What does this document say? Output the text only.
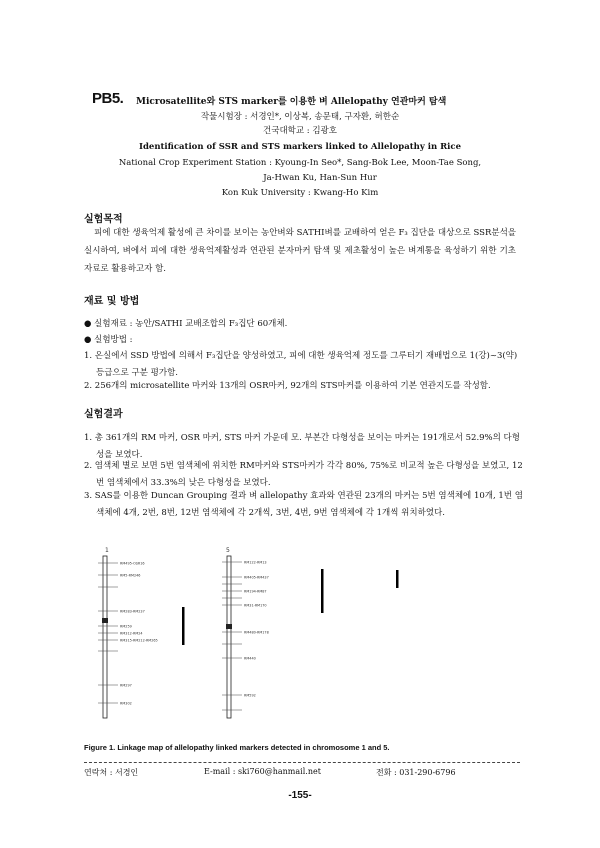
PB5. Microsatellite와 STS marker를 이용한 벼 Allelopathy 연관마커 탐색
작물시험장 : 서경인*, 이상복, 송문태, 구자환, 허한순
건국대학교 : 김광호
Identification of SSR and STS markers linked to Allelopathy in Rice
National Crop Experiment Station : Kyoung-In Seo*, Sang-Bok Lee, Moon-Tae Song,
Ja-Hwan Ku, Han-Sun Hur
Kon Kuk University : Kwang-Ho Kim
실험목적
피에 대한 생육억제 활성에 큰 차이를 보이는 농안벼와 SATHI벼를 교배하여 얻은 F₃ 집단을 대상으로 SSR분석을 실시하여, 벼에서 피에 대한 생육억제활성과 연관된 분자마커 탐색 및 제초활성이 높은 벼계통을 육성하기 위한 기초 자료로 활용하고자 함.
재료 및 방법
● 실험재료 : 농안/SATHI 교배조합의 F₃집단 60개체.
● 실험방법 :
1. 온실에서 SSD 방법에 의해서 F₃집단을 양성하였고, 피에 대한 생육억제 정도를 그루터기 재배법으로 1(강)~3(약) 등급으로 구분 평가함.
2. 256개의 microsatellite 마커와 13개의 OSR마커, 92개의 STS마커를 이용하여 기본 연관지도를 작성함.
실험결과
1. 총 361개의 RM 마커, OSR 마커, STS 마커 가운데 모. 부본간 다형성을 보이는 마커는 191개로서 52.9%의 다형성을 보였다.
2. 염색체 별로 보면 5번 염색체에 위치한 RM마커와 STS마커가 각각 80%, 75%로 비교적 높은 다형성을 보였고, 12번 염색체에서 33.3%의 낮은 다형성을 보였다.
3. SAS를 이용한 Duncan Grouping 결과 벼 allelopathy 효과와 연관된 23개의 마커는 5번 염색체에 10개, 1번 염색체에 4개, 2번, 8번, 12번 염색체에 각 2개씩, 3번, 4번, 9번 염색체에 각 1개씩 위치하였다.
1
RM495-OSR16
RM5-RM246
RM283-RM237
RM259
RM312-RM24
RM315-RM212-RM265
RM297
RM302
5
RM122-RM13
RM405-RM437
RM194-RM87
RM31-RM170
RM480-RM178
RM440
RM592
Figure 1. Linkage map of allelopathy linked markers detected in chromosome 1 and 5.
연락처 : 서경인	E-mail : ski760@hanmail.net	전화 : 031-290-6796
-155-
